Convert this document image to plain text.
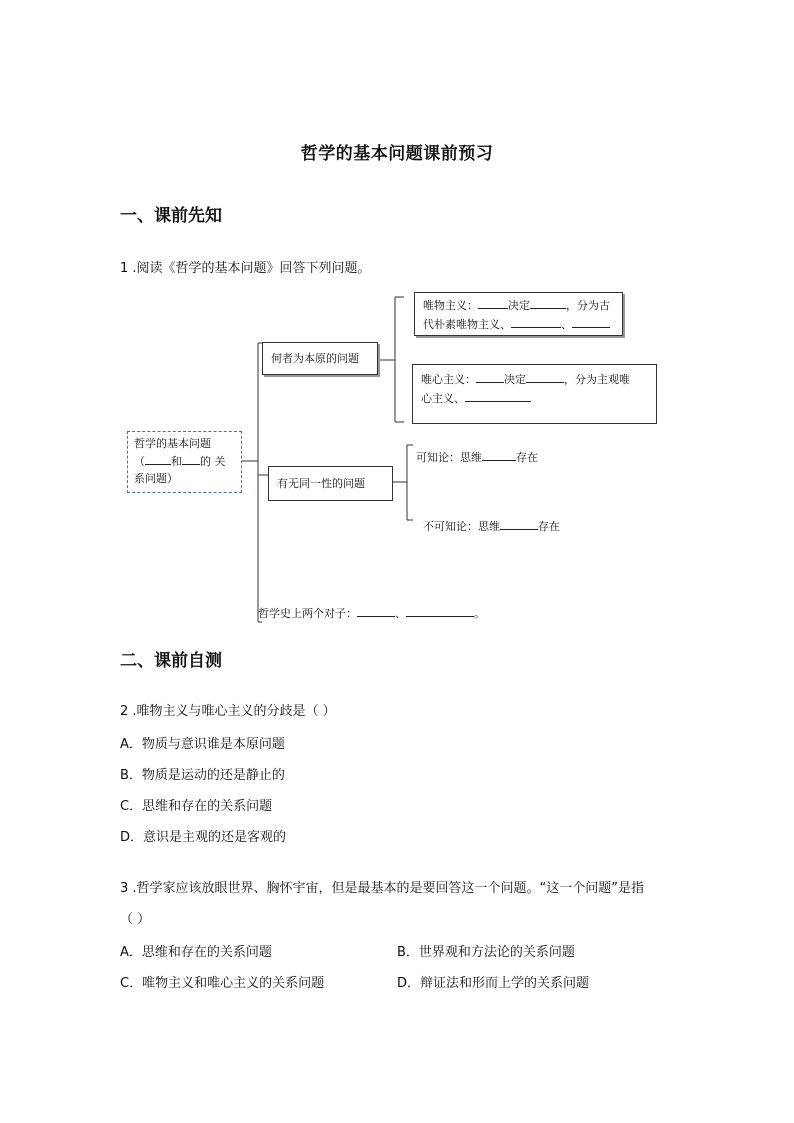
哲学的基本问题课前预习
一、课前先知
1 .阅读《哲学的基本问题》回答下列问题。
哲学的基本问题
（ 和 的 关
系问题）
何者为本原的问题
唯物主义：	决定	，分为古
代朴素唯物主义、	、
唯心主义：	决定	，分为主观唯
心主义、
有无同一性的问题
可知论：思维	存在
不可知论：思维	存在
哲学史上两个对子：	、	。
二、课前自测
2 .唯物主义与唯心主义的分歧是（ ）
A．物质与意识谁是本原问题
B．物质是运动的还是静止的
C．思维和存在的关系问题
D．意识是主观的还是客观的
3 .哲学家应该放眼世界、胸怀宇宙，但是最基本的是要回答这一个问题。“这一个问题”是指
（ ）
A．思维和存在的关系问题	B．世界观和方法论的关系问题
C．唯物主义和唯心主义的关系问题	D．辩证法和形而上学的关系问题
